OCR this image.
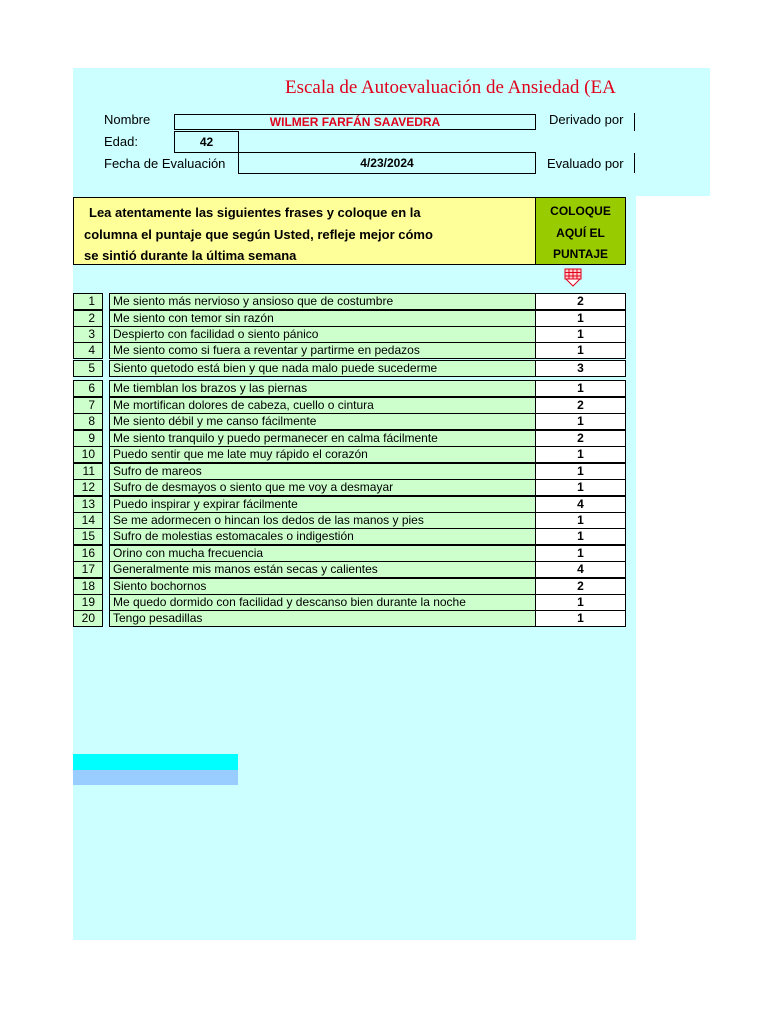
Escala de Autoevaluación de Ansiedad (EA
Nombre	WILMER FARFÁN SAAVEDRA	Derivado por
Edad:	42
Fecha de Evaluación	4/23/2024	Evaluado por
Lea atentamente las siguientes frases y coloque en la
columna el puntaje que según Usted, refleje mejor cómo
se sintió durante la última semana
COLOQUE
AQUÍ EL
PUNTAJE
1	Me siento más nervioso y ansioso que de costumbre	2
2	Me siento con temor sin razón	1
3	Despierto con facilidad o siento pánico	1
4	Me siento como si fuera a reventar y partirme en pedazos	1
5	Siento quetodo está bien y que nada malo puede sucederme	3
6	Me tiemblan los brazos y las piernas	1
7	Me mortifican dolores de cabeza, cuello o cintura	2
8	Me siento débil y me canso fácilmente	1
9	Me siento tranquilo y puedo permanecer en calma fácilmente	2
10	Puedo sentir que me late muy rápido el corazón	1
11	Sufro de mareos	1
12	Sufro de desmayos o siento que me voy a desmayar	1
13	Puedo inspirar y expirar fácilmente	4
14	Se me adormecen o hincan los dedos de las manos y pies	1
15	Sufro de molestias estomacales o indigestión	1
16	Orino con mucha frecuencia	1
17	Generalmente mis manos están secas y calientes	4
18	Siento bochornos	2
19	Me quedo dormido con facilidad y descanso bien durante la noche	1
20	Tengo pesadillas	1
